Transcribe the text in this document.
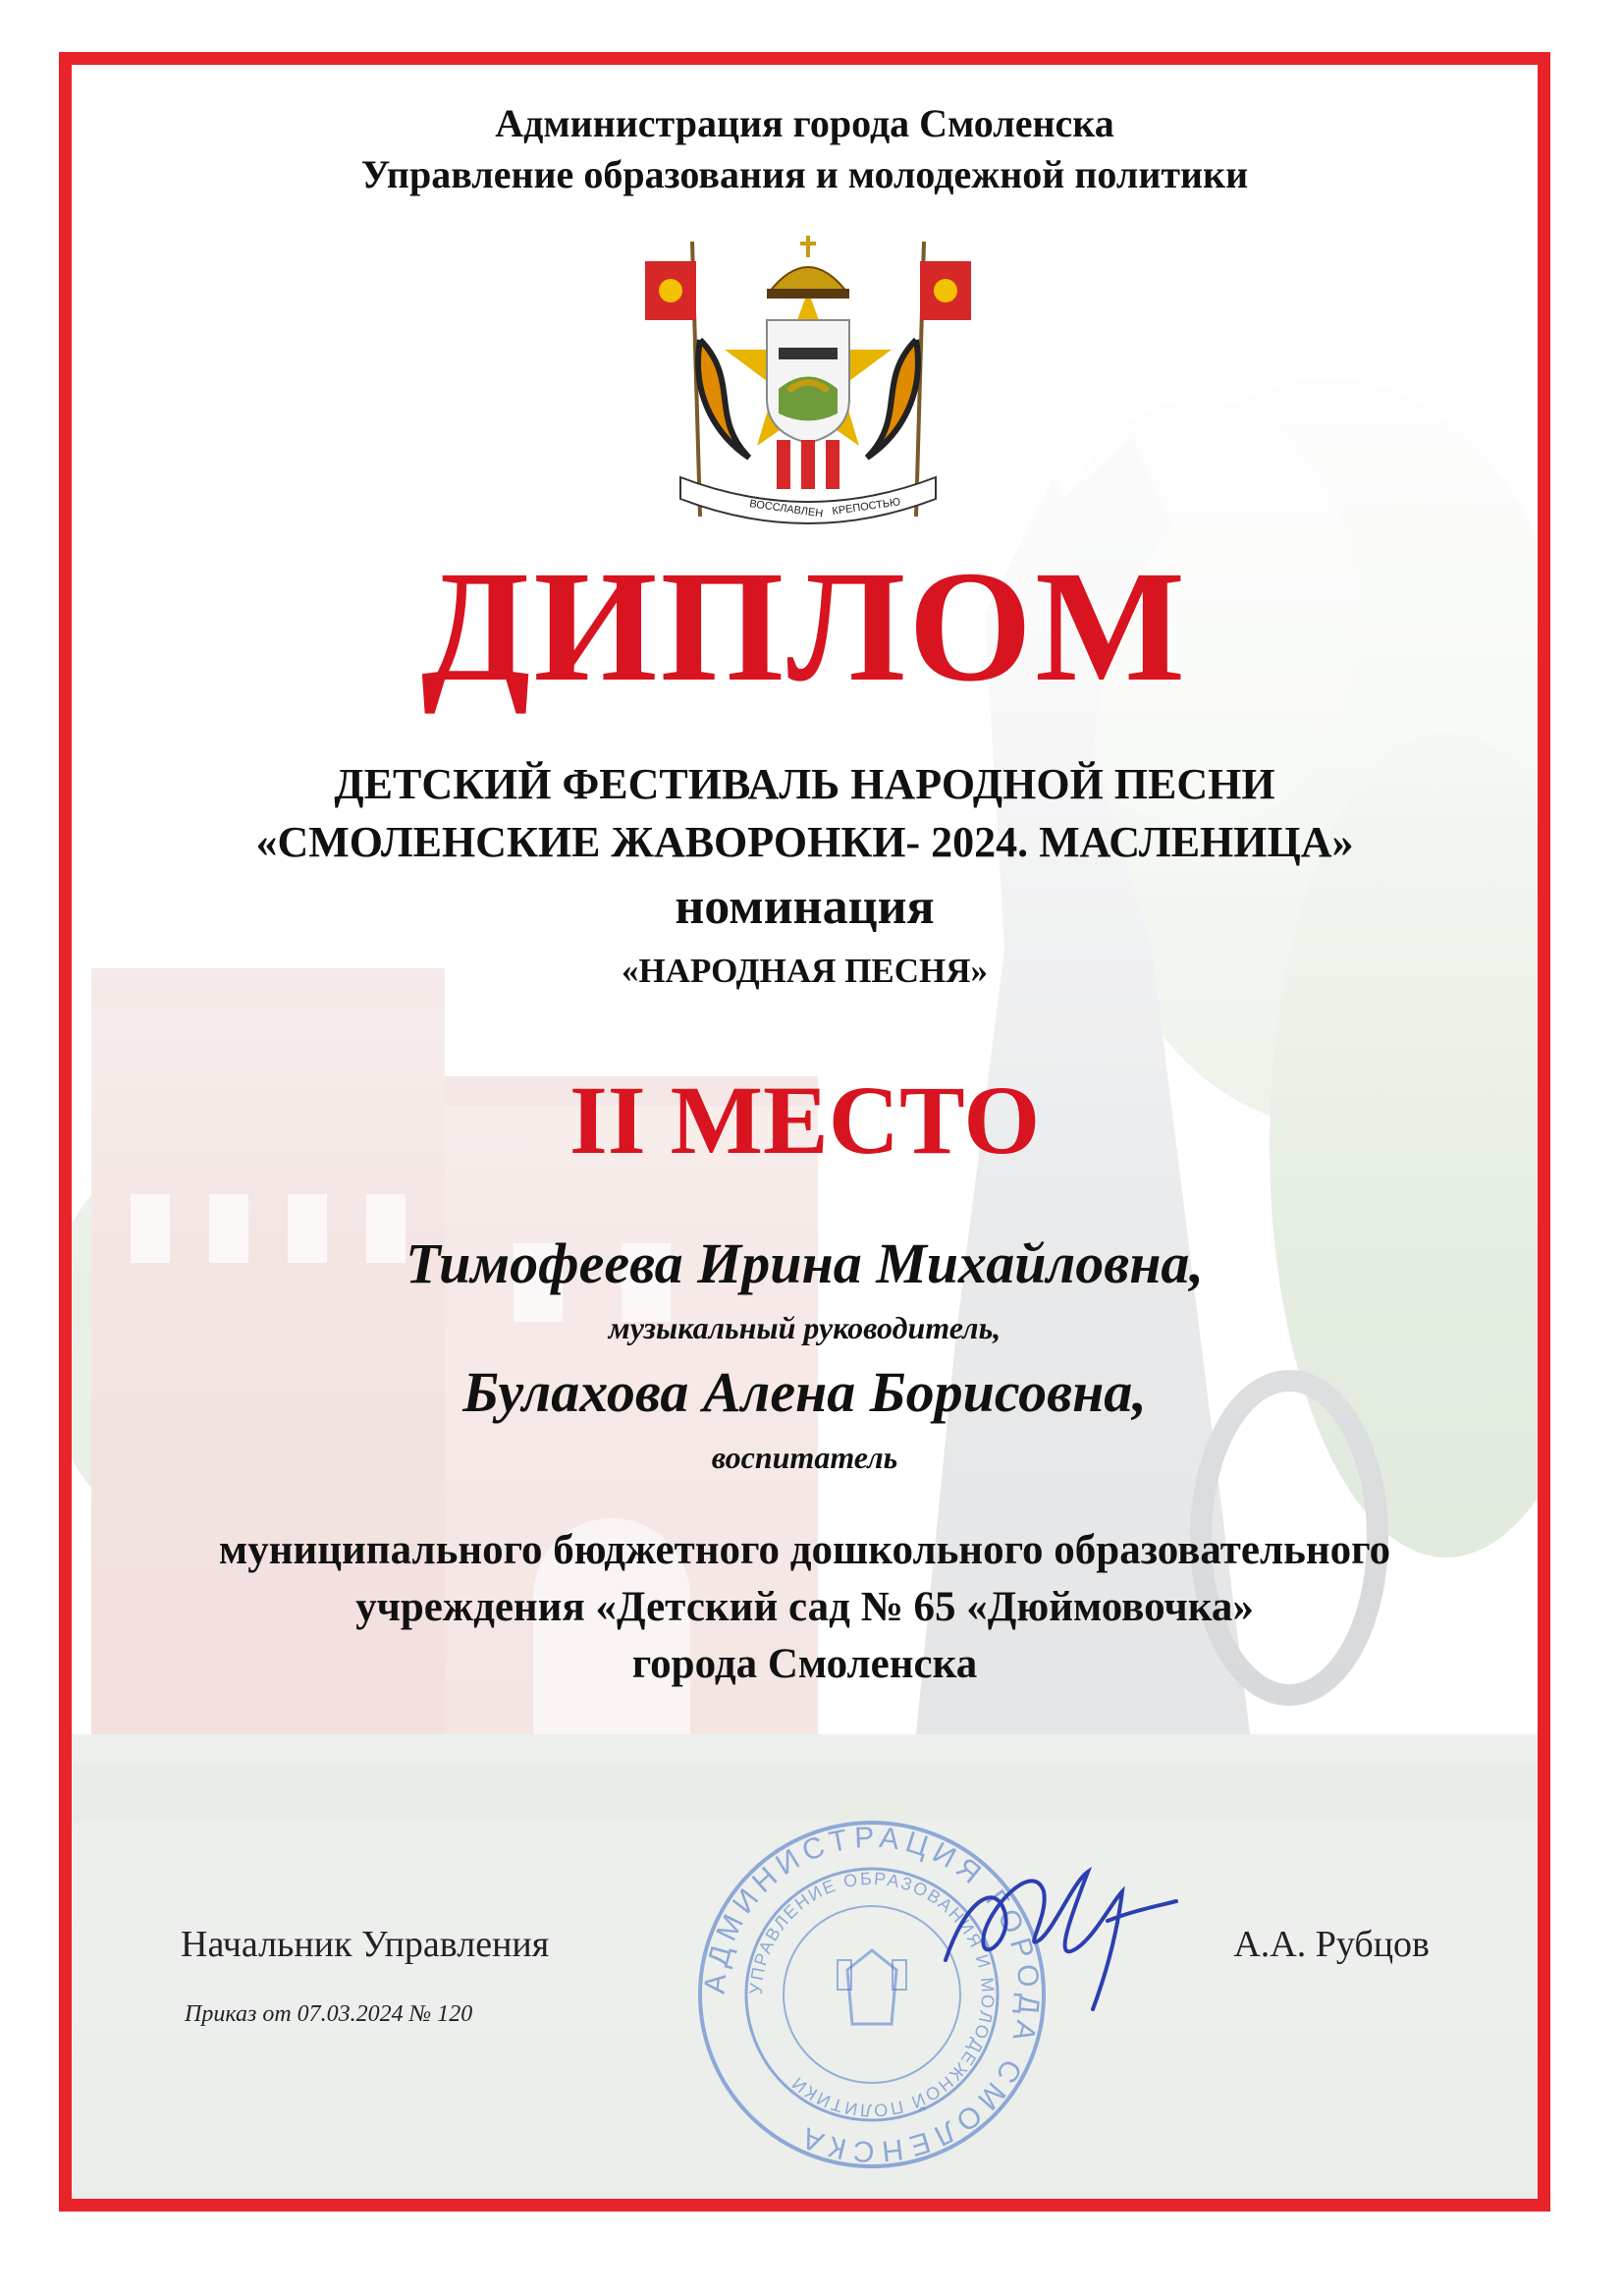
Администрация города Смоленска
Управление образования и молодежной политики
ВОССЛАВЛЕН КРЕПОСТЬЮ
ДИПЛОМ
ДЕТСКИЙ ФЕСТИВАЛЬ НАРОДНОЙ ПЕСНИ
«СМОЛЕНСКИЕ ЖАВОРОНКИ- 2024. МАСЛЕНИЦА»
номинация
«НАРОДНАЯ ПЕСНЯ»
II МЕСТО
Тимофеева Ирина Михайловна,
музыкальный руководитель,
Булахова Алена Борисовна,
воспитатель
муниципального бюджетного дошкольного образовательного
учреждения «Детский сад № 65 «Дюймовочка»
города Смоленска
Начальник Управления	А.А. Рубцов
Приказ от 07.03.2024 № 120
АДМИНИСТРАЦИЯ ГОРОДА СМОЛЕНСКА
УПРАВЛЕНИЕ ОБРАЗОВАНИЯ И МОЛОДЕЖНОЙ ПОЛИТИКИ
